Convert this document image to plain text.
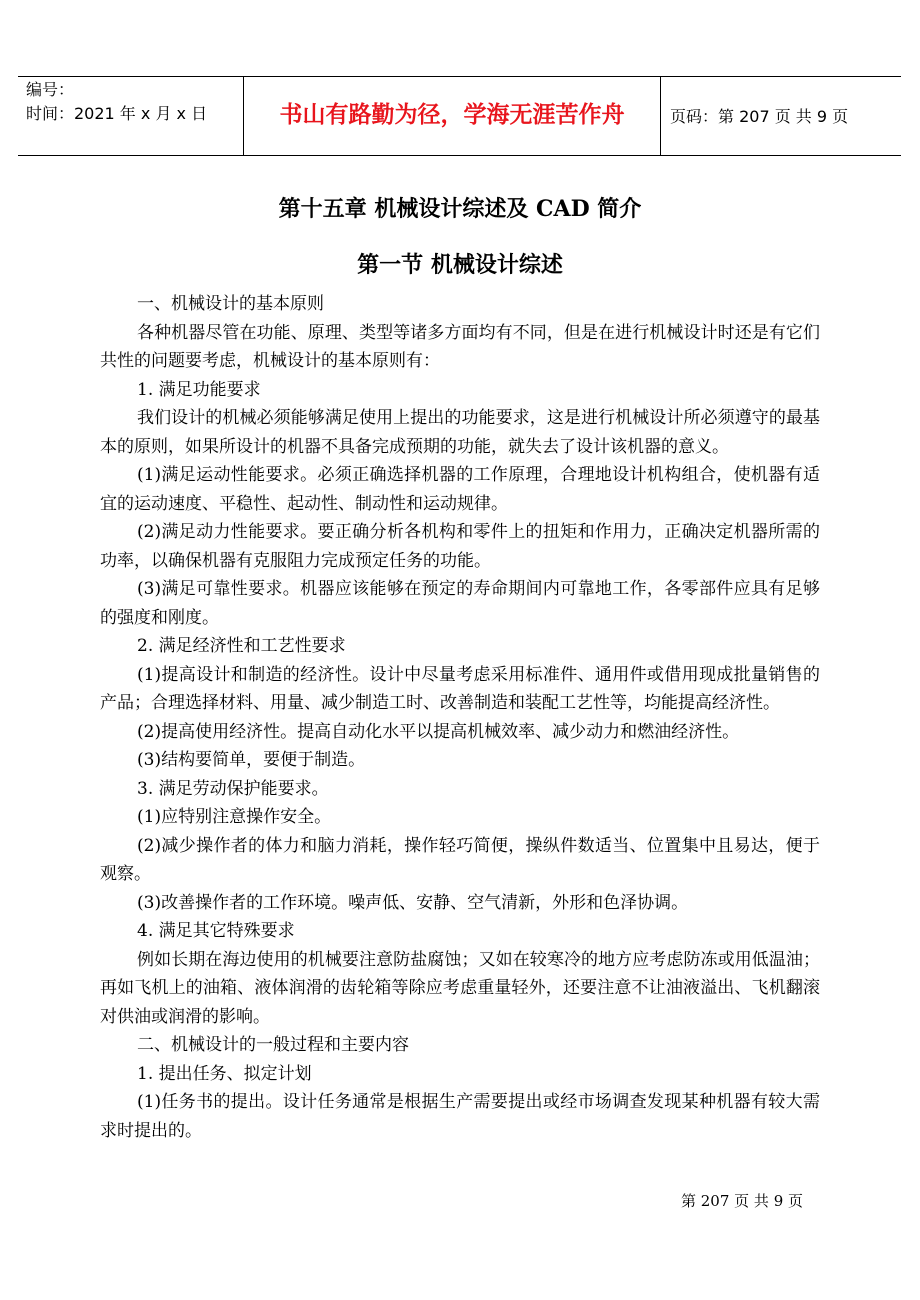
编号：
时间：2021 年 x 月 x 日	书山有路勤为径，学海无涯苦作舟	页码：第 207 页 共 9 页
第十五章 机械设计综述及 CAD 简介
第一节 机械设计综述

一、机械设计的基本原则

各种机器尽管在功能、原理、类型等诸多方面均有不同，但是在进行机械设计时还是有它们共性的问题要考虑，机械设计的基本原则有：

1. 满足功能要求

我们设计的机械必须能够满足使用上提出的功能要求，这是进行机械设计所必须遵守的最基本的原则，如果所设计的机器不具备完成预期的功能，就失去了设计该机器的意义。

(1)满足运动性能要求。必须正确选择机器的工作原理，合理地设计机构组合，使机器有适宜的运动速度、平稳性、起动性、制动性和运动规律。

(2)满足动力性能要求。要正确分析各机构和零件上的扭矩和作用力，正确决定机器所需的功率，以确保机器有克服阻力完成预定任务的功能。

(3)满足可靠性要求。机器应该能够在预定的寿命期间内可靠地工作，各零部件应具有足够的强度和刚度。

2. 满足经济性和工艺性要求

(1)提高设计和制造的经济性。设计中尽量考虑采用标准件、通用件或借用现成批量销售的产品；合理选择材料、用量、减少制造工时、改善制造和装配工艺性等，均能提高经济性。

(2)提高使用经济性。提高自动化水平以提高机械效率、减少动力和燃油经济性。

(3)结构要简单，要便于制造。

3. 满足劳动保护能要求。

(1)应特别注意操作安全。

(2)减少操作者的体力和脑力消耗，操作轻巧简便，操纵件数适当、位置集中且易达，便于观察。

(3)改善操作者的工作环境。噪声低、安静、空气清新，外形和色泽协调。

4. 满足其它特殊要求

例如长期在海边使用的机械要注意防盐腐蚀；又如在较寒冷的地方应考虑防冻或用低温油；再如飞机上的油箱、液体润滑的齿轮箱等除应考虑重量轻外，还要注意不让油液溢出、飞机翻滚对供油或润滑的影响。

二、机械设计的一般过程和主要内容

1. 提出任务、拟定计划

(1)任务书的提出。设计任务通常是根据生产需要提出或经市场调查发现某种机器有较大需求时提出的。

第 207 页 共 9 页
